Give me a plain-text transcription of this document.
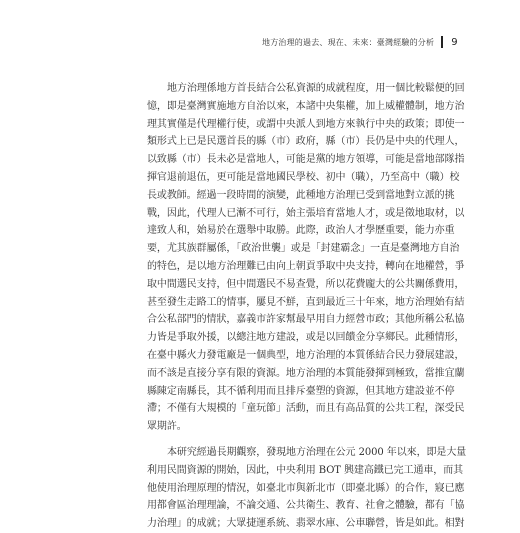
地方治理的過去、現在、未來：臺灣經驗的分析 9
地方治理係地方首長結合公私資源的成就程度，用一個比較鬆便的回
憶，即是臺灣實施地方自治以來，本諸中央集權，加上威權體制，地方治
理其實僅是代理權行使，或謂中央派人到地方來執行中央的政策；即使一
類形式上已是民選首長的縣（市）政府，縣（市）長仍是中央的代理人，
以致縣（市）長未必是當地人，可能是黨的地方領導，可能是當地部隊指
揮官退前退伍，更可能是當地國民學校、初中（職），乃至高中（職）校
長或教師。經過一段時間的演變，此種地方治理已受到當地對立派的挑
戰，因此，代理人已漸不可行，始主張培育當地人才，或是徵地取材，以
達致人和，始易於在選舉中取勝。此際，政治人才學歷重要，能力亦重
要，尤其族群屬係，「政治世襲」或是「封建霸念」一直是臺灣地方自治
的特色，是以地方治理難已由向上朝貢爭取中央支持，轉向在地權營，爭
取中間選民支持，但中間選民不易查覺，所以花費龐大的公共關係費用，
甚至發生走路工的情事，屢見不鮮，直到最近三十年來，地方治理始有結
合公私部門的情狀，嘉義市許家幫最早用自力經營市政；其他所稱公私協
力皆是爭取外援，以總注地方建設，或是以回饋金分享鄉民。此種情形，
在臺中縣火力發電廠是一個典型，地方治理的本質係結合民力發展建設，
而不該是直接分享有限的資源。地方治理的本質能發揮到極致，當推宜蘭
縣陳定南縣長，其不循利用而且排斥臺塑的資源，但其地方建設並不停
滯；不僅有大規模的「童玩節」活動，而且有高品質的公共工程，深受民
眾期許。
本研究經過長期觀察，發現地方治理在公元 2000 年以來，即是大量
利用民間資源的開始，因此，中央利用 BOT 興建高鐵已完工通車，而其
他使用治理原理的情況，如臺北市與新北市（即臺北縣）的合作，寢已應
用都會區治理理論，不論交通、公共衛生、教育、社會之體驗，都有「協
力治理」的成就；大眾捷運系統、翡翠水庫、公車聯營，皆是如此。相對
